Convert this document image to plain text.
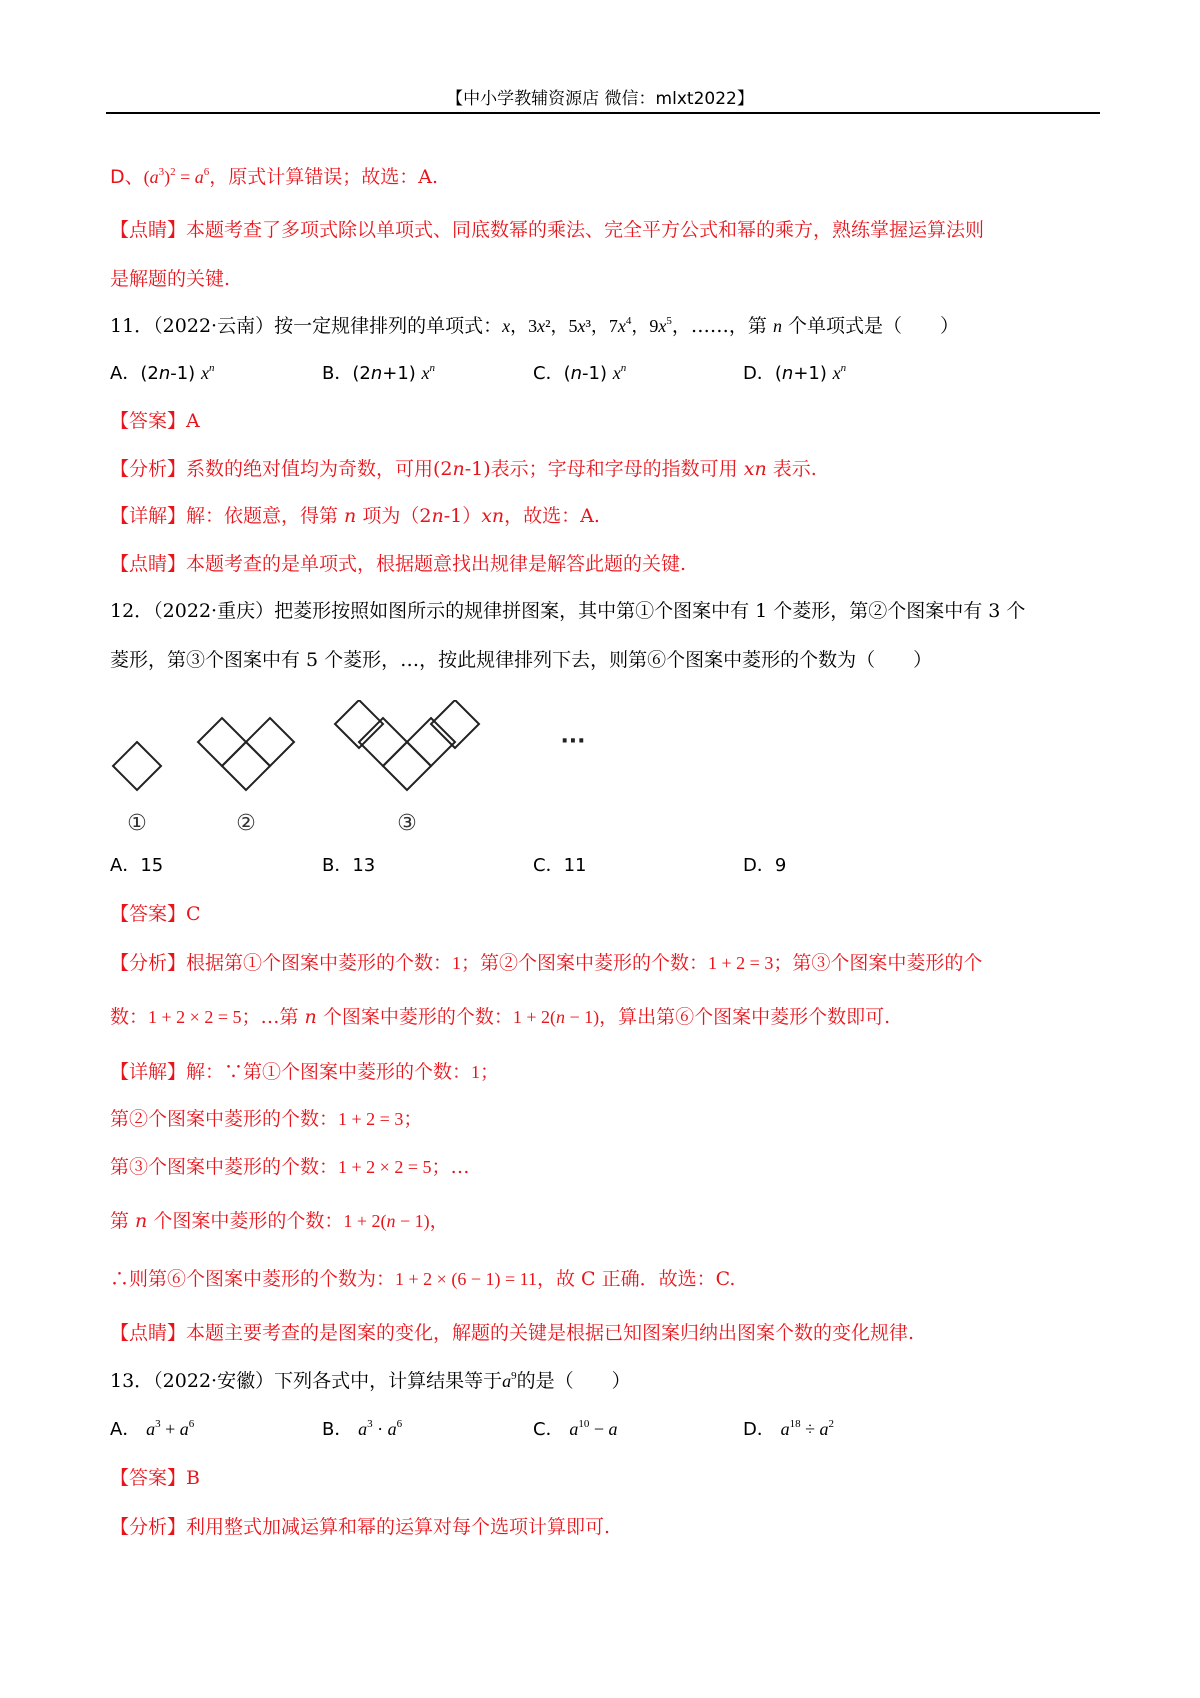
【中小学教辅资源店 微信：mlxt2022】
D、$(a^3)^2 = a^6$，原式计算错误；故选：A.
【点睛】本题考查了多项式除以单项式、同底数幂的乘法、完全平方公式和幂的乘方，熟练掌握运算法则
是解题的关键.
11．（2022·云南）按一定规律排列的单项式：x，3x²，5x³，$7x^4$，$9x^5$，……，第 n 个单项式是（　　）
A．(2n-1) $x^n$	B．(2n+1) $x^n$	C．(n-1) $x^n$	D．(n+1) $x^n$
【答案】A
【分析】系数的绝对值均为奇数，可用(2n-1)表示；字母和字母的指数可用 xn 表示.
【详解】解：依题意，得第 n 项为（2n-1）xn，故选：A.
【点睛】本题考查的是单项式，根据题意找出规律是解答此题的关键.
12．（2022·重庆）把菱形按照如图所示的规律拼图案，其中第①个图案中有 1 个菱形，第②个图案中有 3 个
菱形，第③个图案中有 5 个菱形，…，按此规律排列下去，则第⑥个图案中菱形的个数为（　　）
①	②	③
···
A．15	B．13	C．11	D．9
【答案】C
【分析】根据第①个图案中菱形的个数：1；第②个图案中菱形的个数：1 + 2 = 3；第③个图案中菱形的个
数：1 + 2 × 2 = 5；…第 n 个图案中菱形的个数：1 + 2(n − 1)，算出第⑥个图案中菱形个数即可.
【详解】解：∵第①个图案中菱形的个数：1；
第②个图案中菱形的个数：1 + 2 = 3；
第③个图案中菱形的个数：1 + 2 × 2 = 5；…
第 n 个图案中菱形的个数：1 + 2(n − 1)，
∴则第⑥个图案中菱形的个数为：1 + 2 × (6 − 1) = 11，故 C 正确．故选：C.
【点睛】本题主要考查的是图案的变化，解题的关键是根据已知图案归纳出图案个数的变化规律.
13．（2022·安徽）下列各式中，计算结果等于$a^9$的是（　　）
A． $a^3 + a^6$	B． $a^3 \cdot a^6$	C． $a^{10} - a$	D． $a^{18} \div a^2$
【答案】B
【分析】利用整式加减运算和幂的运算对每个选项计算即可.
